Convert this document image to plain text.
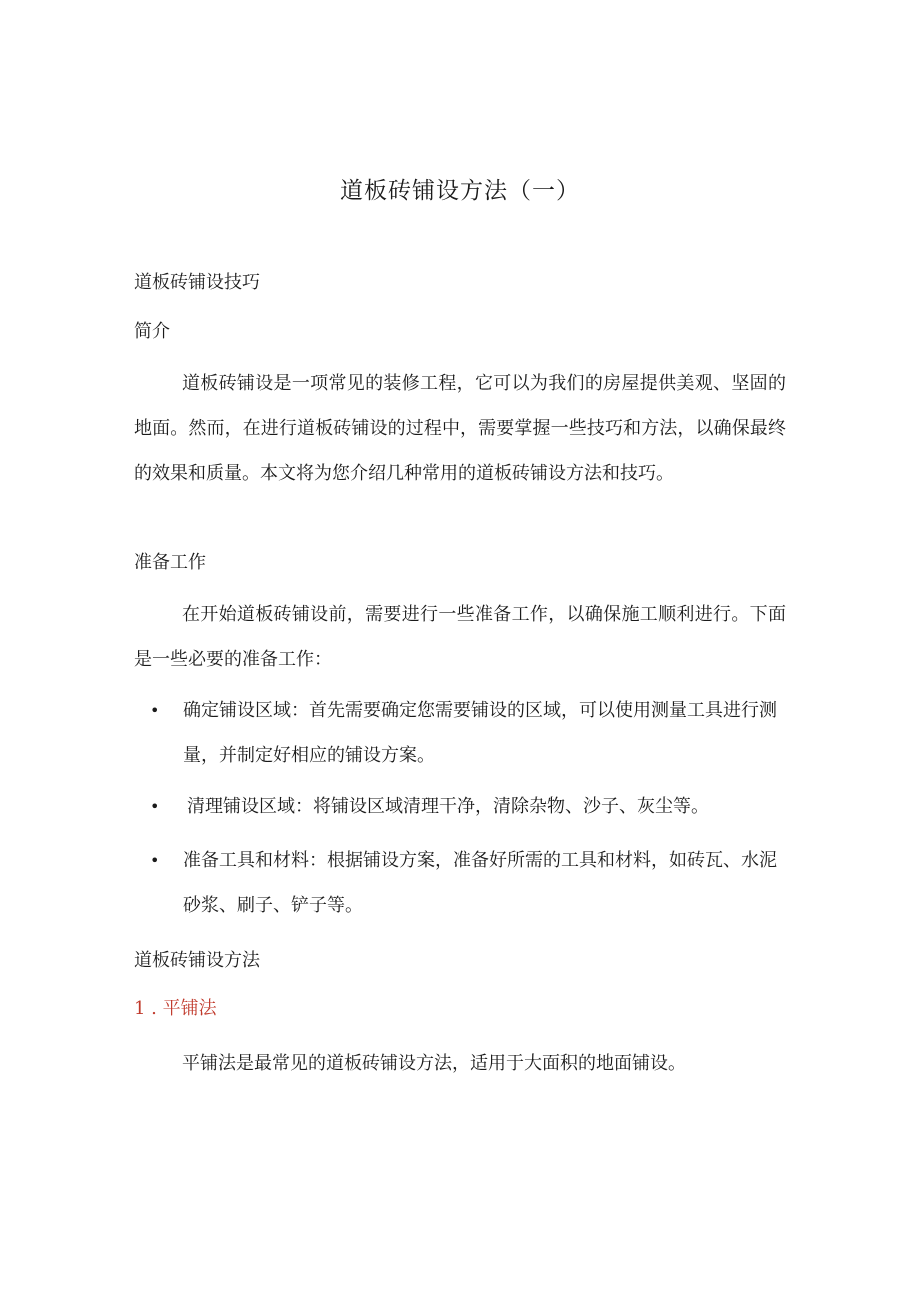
道板砖铺设方法（一）

道板砖铺设技巧

简介

道板砖铺设是一项常见的装修工程，它可以为我们的房屋提供美观、坚固的地面。然而，在进行道板砖铺设的过程中，需要掌握一些技巧和方法，以确保最终的效果和质量。本文将为您介绍几种常用的道板砖铺设方法和技巧。

准备工作

在开始道板砖铺设前，需要进行一些准备工作，以确保施工顺利进行。下面是一些必要的准备工作：

•	确定铺设区域：首先需要确定您需要铺设的区域，可以使用测量工具进行测量，并制定好相应的铺设方案。
•	清理铺设区域：将铺设区域清理干净，清除杂物、沙子、灰尘等。
•	准备工具和材料：根据铺设方案，准备好所需的工具和材料，如砖瓦、水泥砂浆、刷子、铲子等。

道板砖铺设方法

1 . 平铺法

平铺法是最常见的道板砖铺设方法，适用于大面积的地面铺设。
